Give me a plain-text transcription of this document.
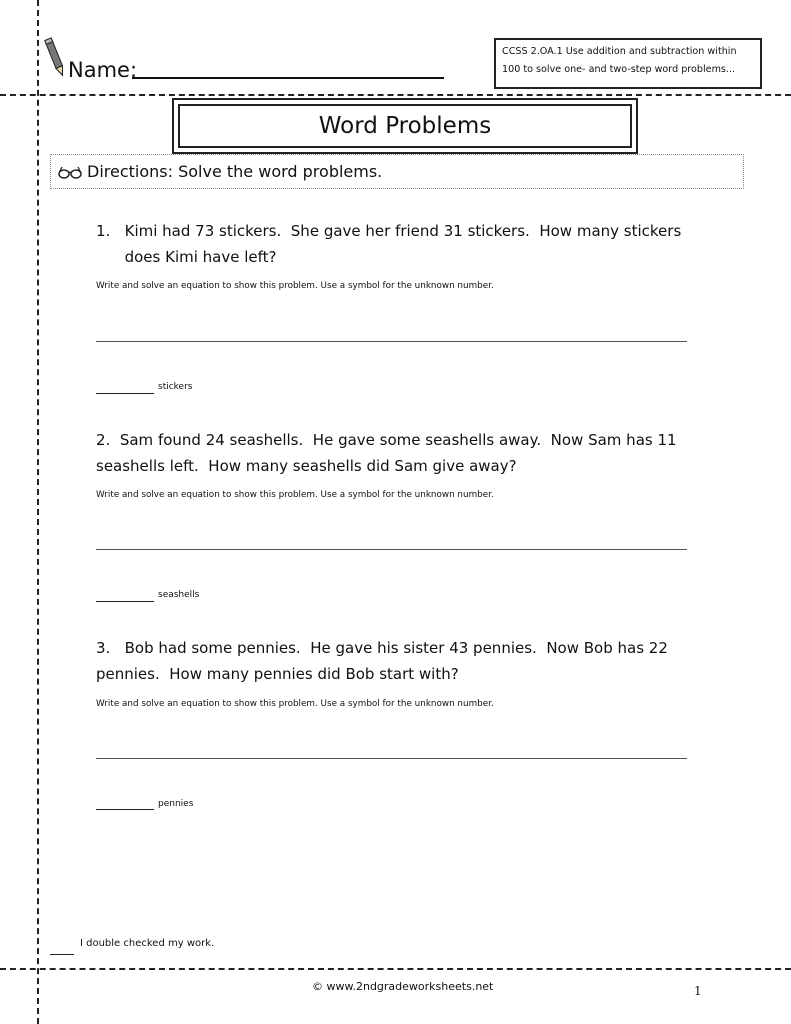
Name:
CCSS 2.OA.1 Use addition and subtraction within
100 to solve one- and two-step word problems...
Word Problems
Directions: Solve the word problems.
1.   Kimi had 73 stickers.  She gave her friend 31 stickers.  How many stickers
does Kimi have left?
Write and solve an equation to show this problem. Use a symbol for the unknown number.
stickers
2.  Sam found 24 seashells.  He gave some seashells away.  Now Sam has 11
seashells left.  How many seashells did Sam give away?
Write and solve an equation to show this problem. Use a symbol for the unknown number.
seashells
3.   Bob had some pennies.  He gave his sister 43 pennies.  Now Bob has 22
pennies.  How many pennies did Bob start with?
Write and solve an equation to show this problem. Use a symbol for the unknown number.
pennies
I double checked my work.
© www.2ndgradeworksheets.net	1
